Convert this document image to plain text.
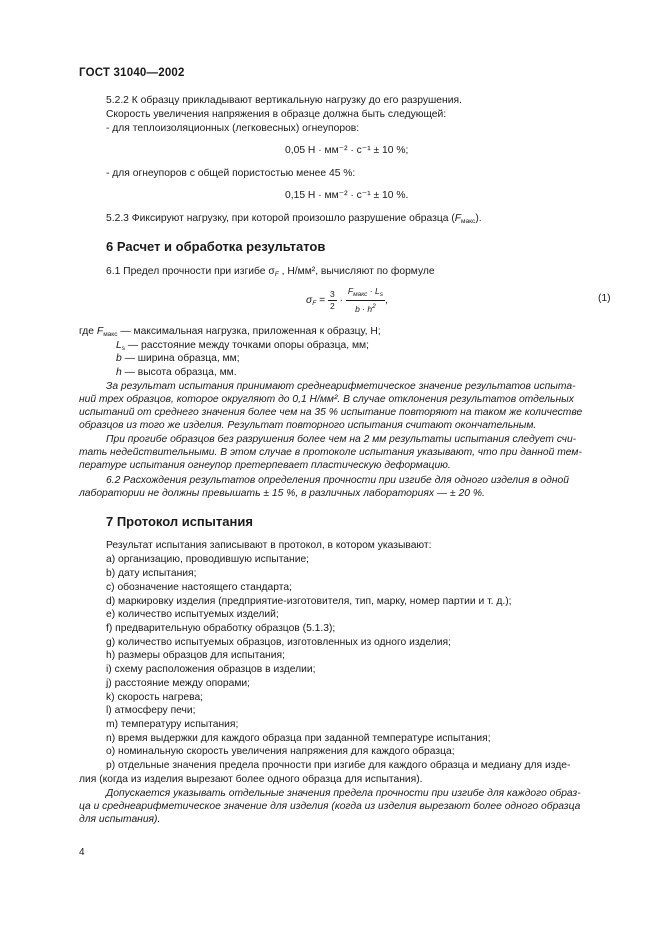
ГОСТ 31040—2002
5.2.2 К образцу прикладывают вертикальную нагрузку до его разрушения.
Скорость увеличения напряжения в образце должна быть следующей:
- для теплоизоляционных (легковесных) огнеупоров:
0,05 Н · мм⁻² · с⁻¹ ± 10 %;
- для огнеупоров с общей пористостью менее 45 %:
0,15 Н · мм⁻² · с⁻¹ ± 10 %.
5.2.3 Фиксируют нагрузку, при которой произошло разрушение образца $(F_{макс})$.
6 Расчет и обработка результатов
6.1 Предел прочности при изгибе $\sigma_F$ , Н/мм², вычисляют по формуле
$\sigma_F = \frac{3}{2} \cdot \frac{F_{макс} \cdot L_s}{b \cdot h^2}$ ,	(1)
где $F_{макс}$ — максимальная нагрузка, приложенная к образцу, Н;
$L_s$ — расстояние между точками опоры образца, мм;
b — ширина образца, мм;
h — высота образца, мм.
За результат испытания принимают среднеарифметическое значение результатов испыта-
ний трех образцов, которое округляют до 0,1 Н/мм². В случае отклонения результатов отдельных
испытаний от среднего значения более чем на 35 % испытание повторяют на таком же количестве
образцов из того же изделия. Результат повторного испытания считают окончательным.
При прогибе образцов без разрушения более чем на 2 мм результаты испытания следует счи-
тать недействительными. В этом случае в протоколе испытания указывают, что при данной тем-
пературе испытания огнеупор претерпевает пластическую деформацию.
6.2 Расхождения результатов определения прочности при изгибе для одного изделия в одной
лаборатории не должны превышать ± 15 %, в различных лабораториях — ± 20 %.
7 Протокол испытания
Результат испытания записывают в протокол, в котором указывают:
a) организацию, проводившую испытание;
b) дату испытания;
c) обозначение настоящего стандарта;
d) маркировку изделия (предприятие-изготовителя, тип, марку, номер партии и т. д.);
e) количество испытуемых изделий;
f) предварительную обработку образцов (5.1.3);
g) количество испытуемых образцов, изготовленных из одного изделия;
h) размеры образцов для испытания;
i) схему расположения образцов в изделии;
j) расстояние между опорами;
k) скорость нагрева;
l) атмосферу печи;
m) температуру испытания;
n) время выдержки для каждого образца при заданной температуре испытания;
o) номинальную скорость увеличения напряжения для каждого образца;
p) отдельные значения предела прочности при изгибе для каждого образца и медиану для изде-
лия (когда из изделия вырезают более одного образца для испытания).
Допускается указывать отдельные значения предела прочности при изгибе для каждого образ-
ца и среднеарифметическое значение для изделия (когда из изделия вырезают более одного образца
для испытания).
4
